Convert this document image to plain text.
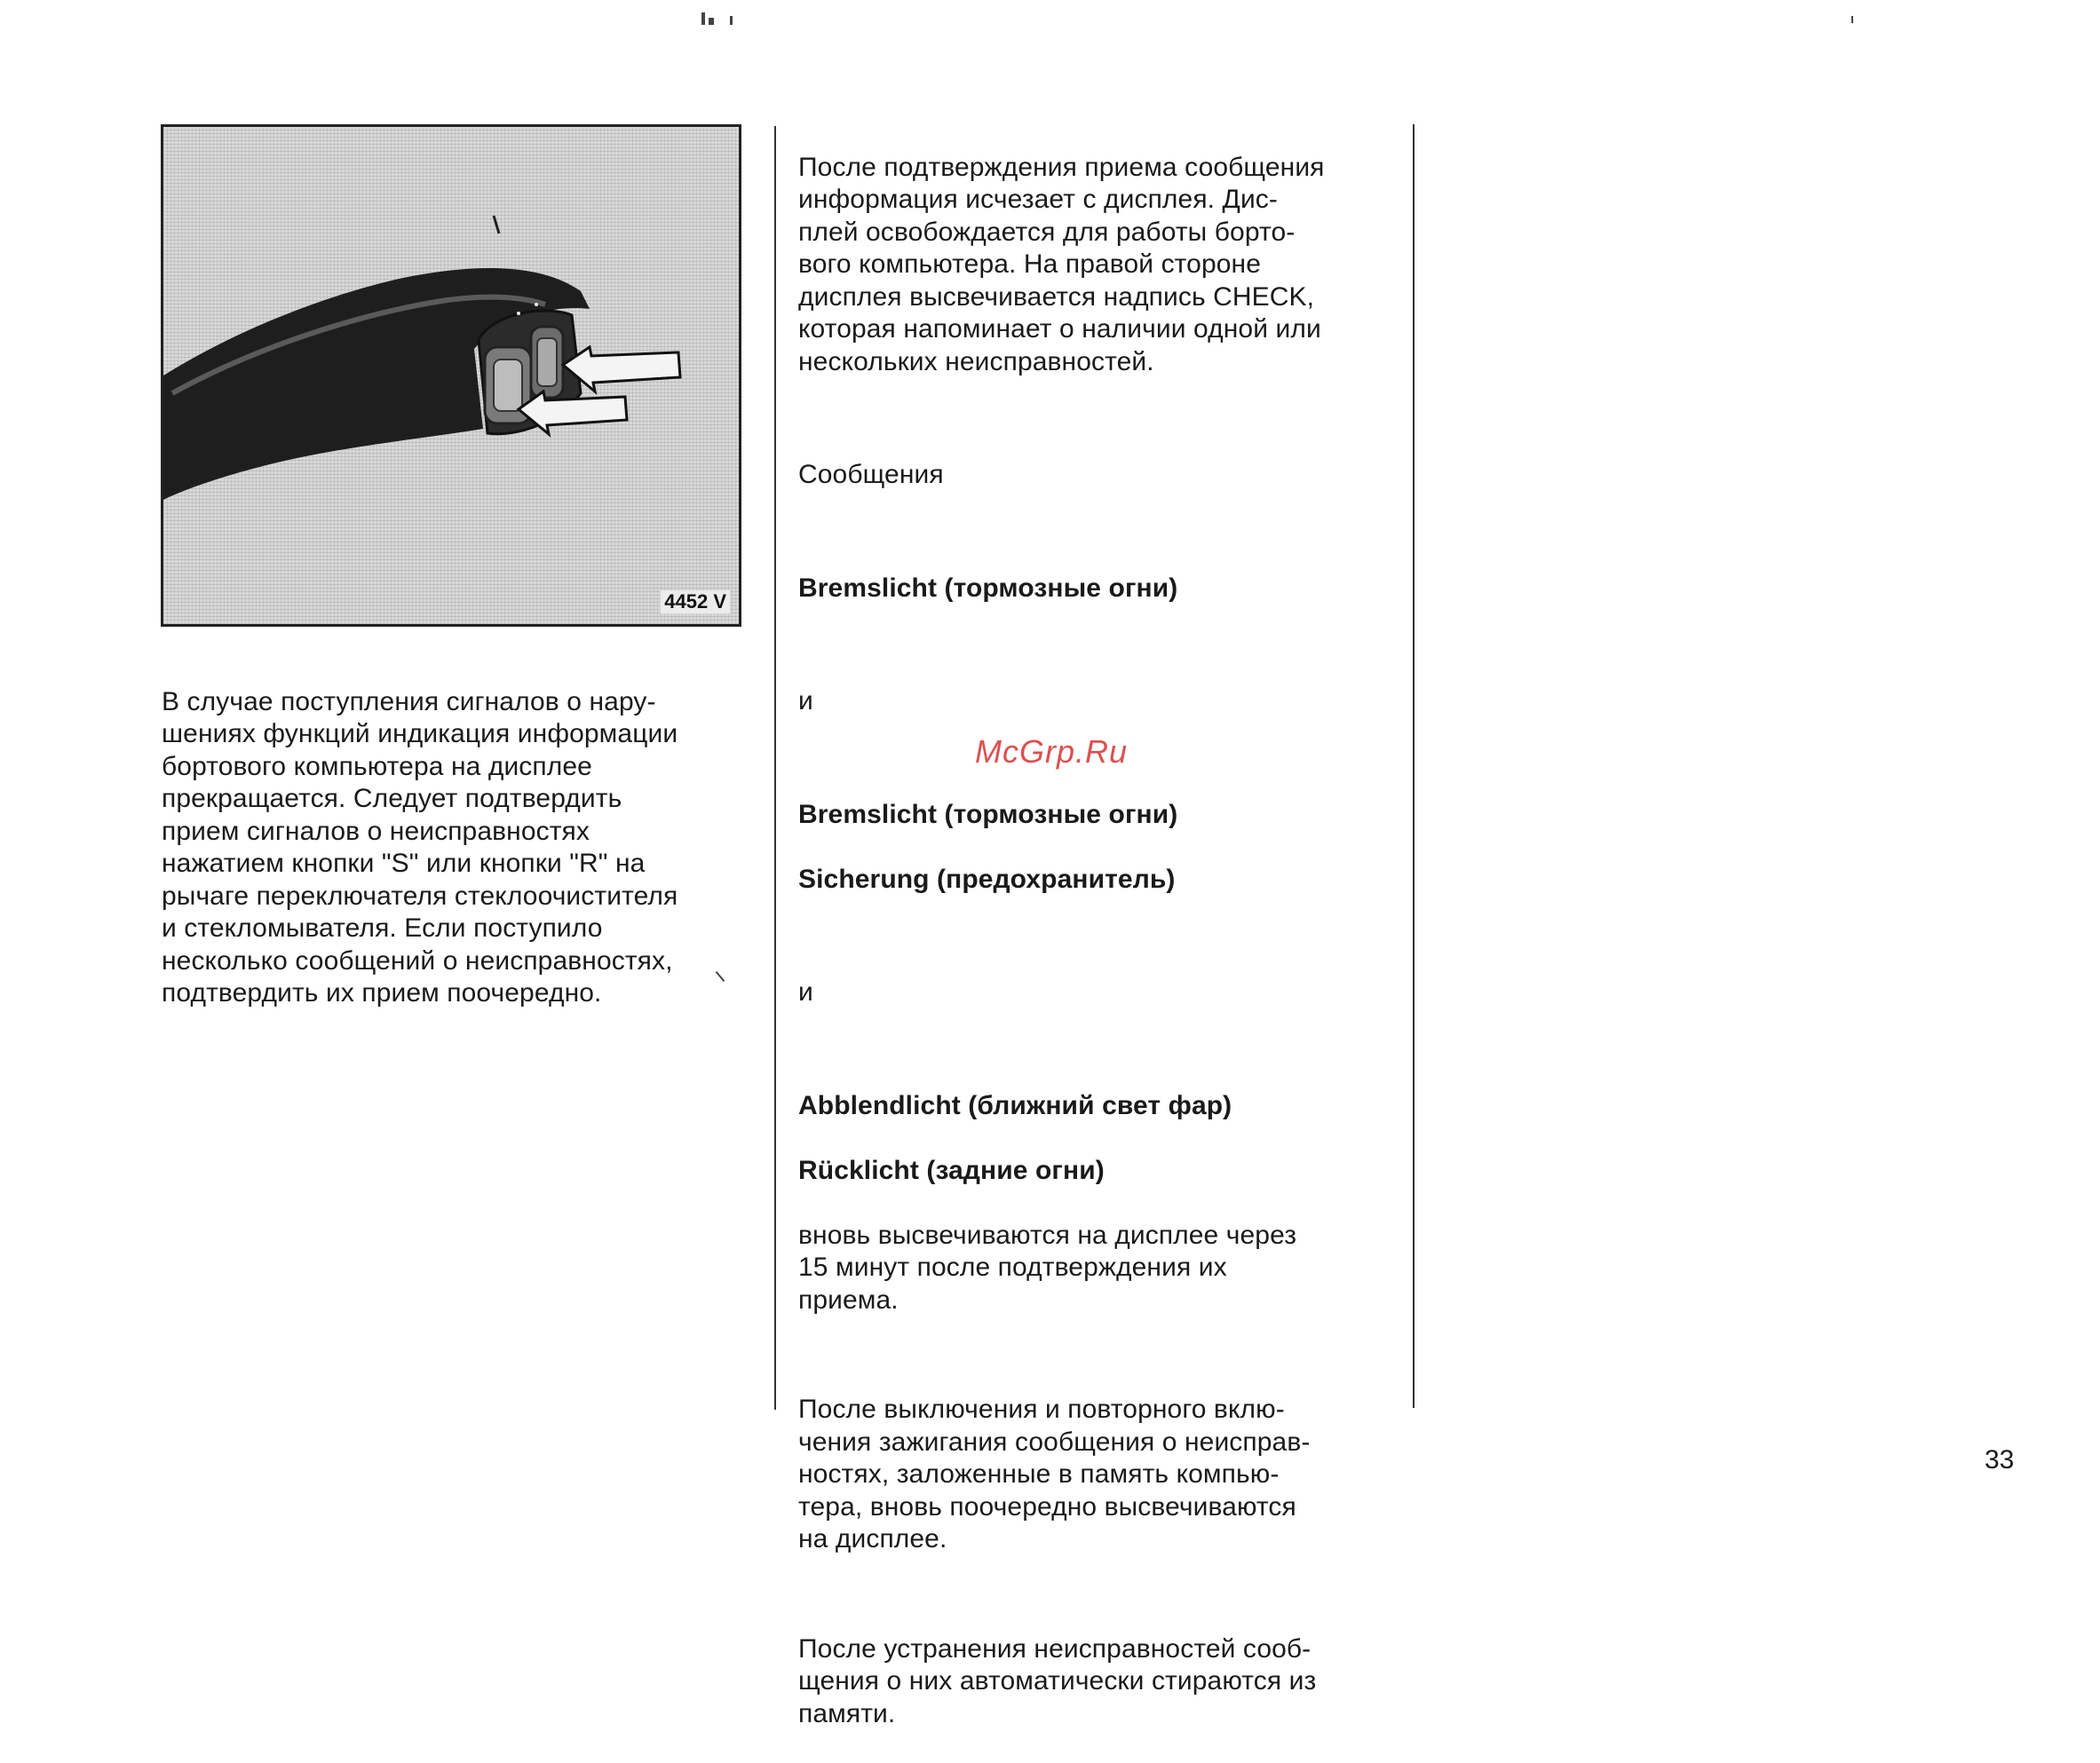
4452 V

В случае поступления сигналов о нару-
шениях функций индикация информации
бортового компьютера на дисплее
прекращается. Следует подтвердить
прием сигналов о неисправностях
нажатием кнопки "S" или кнопки "R" на
рычаге переключателя стеклоочистителя
и стекломывателя. Если поступило
несколько сообщений о неисправностях,
подтвердить их прием поочередно.

После подтверждения приема сообщения
информация исчезает с дисплея. Дис-
плей освобождается для работы борто-
вого компьютера. На правой стороне
дисплея высвечивается надпись CHECK,
которая напоминает о наличии одной или
нескольких неисправностей.

Сообщения

Bremslicht (тормозные огни)

и

Bremslicht (тормозные огни)

Sicherung (предохранитель)

и

Abblendlicht (ближний свет фар)

Rücklicht (задние огни)

вновь высвечиваются на дисплее через
15 минут после подтверждения их
приема.

После выключения и повторного вклю-
чения зажигания сообщения о неисправ-
ностях, заложенные в память компью-
тера, вновь поочередно высвечиваются
на дисплее.

После устранения неисправностей сооб-
щения о них автоматически стираются из
памяти.

McGrp.Ru
33
